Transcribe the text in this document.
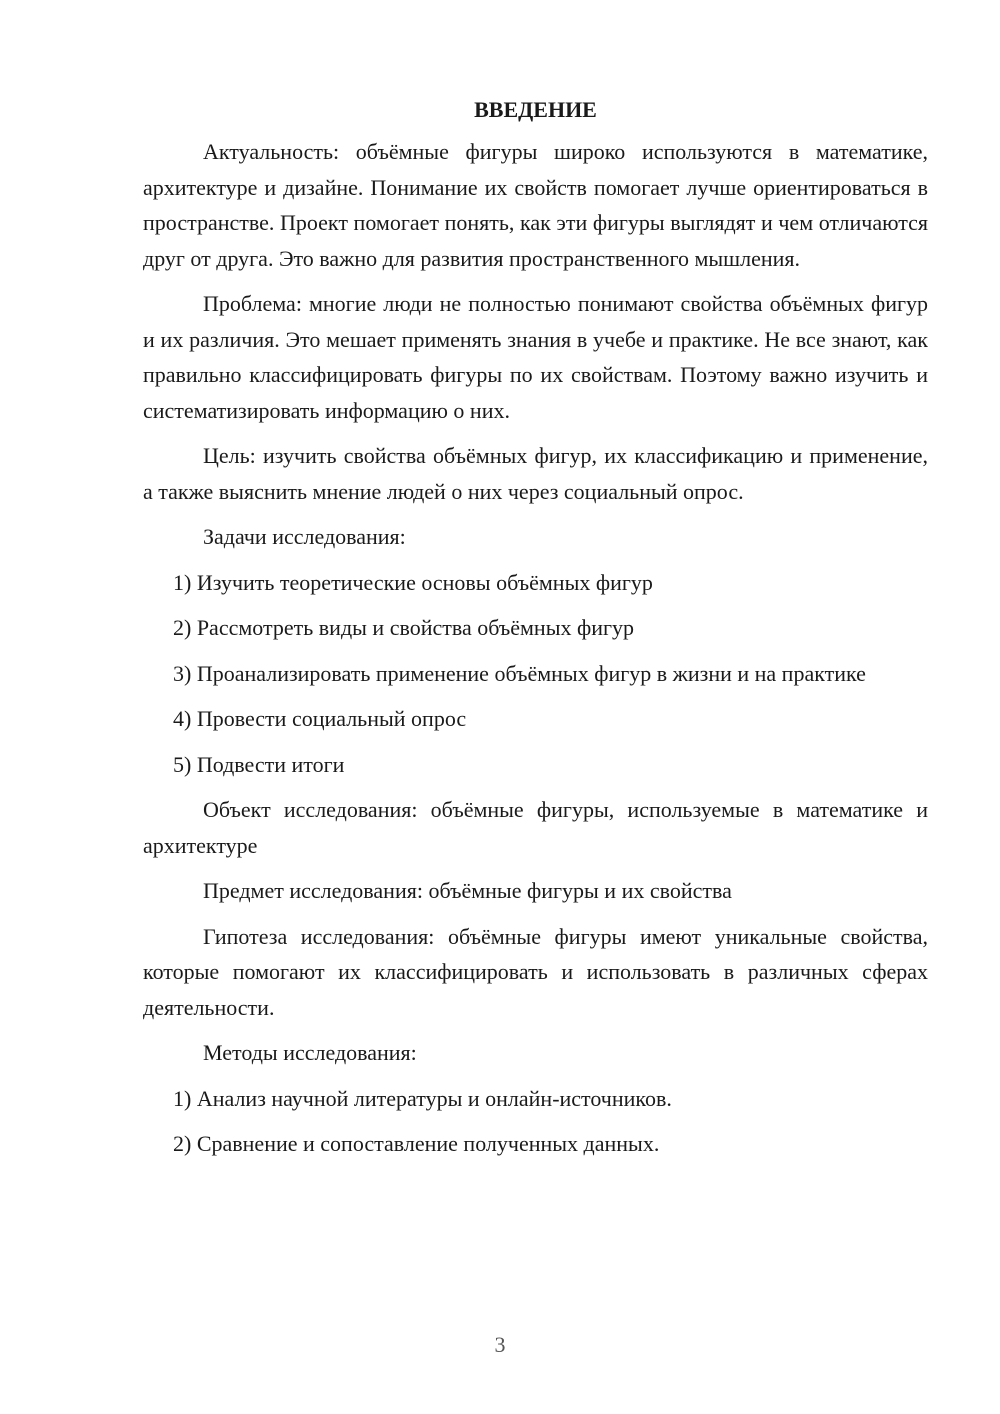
ВВЕДЕНИЕ

Актуальность: объёмные фигуры широко используются в математике, архитектуре и дизайне. Понимание их свойств помогает лучше ориентироваться в пространстве. Проект помогает понять, как эти фигуры выглядят и чем отличаются друг от друга. Это важно для развития пространственного мышления.

Проблема: многие люди не полностью понимают свойства объёмных фигур и их различия. Это мешает применять знания в учебе и практике. Не все знают, как правильно классифицировать фигуры по их свойствам. Поэтому важно изучить и систематизировать информацию о них.

Цель: изучить свойства объёмных фигур, их классификацию и применение, а также выяснить мнение людей о них через социальный опрос.

Задачи исследования:

1) Изучить теоретические основы объёмных фигур

2) Рассмотреть виды и свойства объёмных фигур

3) Проанализировать применение объёмных фигур в жизни и на практике

4) Провести социальный опрос

5) Подвести итоги

Объект исследования: объёмные фигуры, используемые в математике и архитектуре

Предмет исследования: объёмные фигуры и их свойства

Гипотеза исследования: объёмные фигуры имеют уникальные свойства, которые помогают их классифицировать и использовать в различных сферах деятельности.

Методы исследования:

1) Анализ научной литературы и онлайн-источников.

2) Сравнение и сопоставление полученных данных.

3
